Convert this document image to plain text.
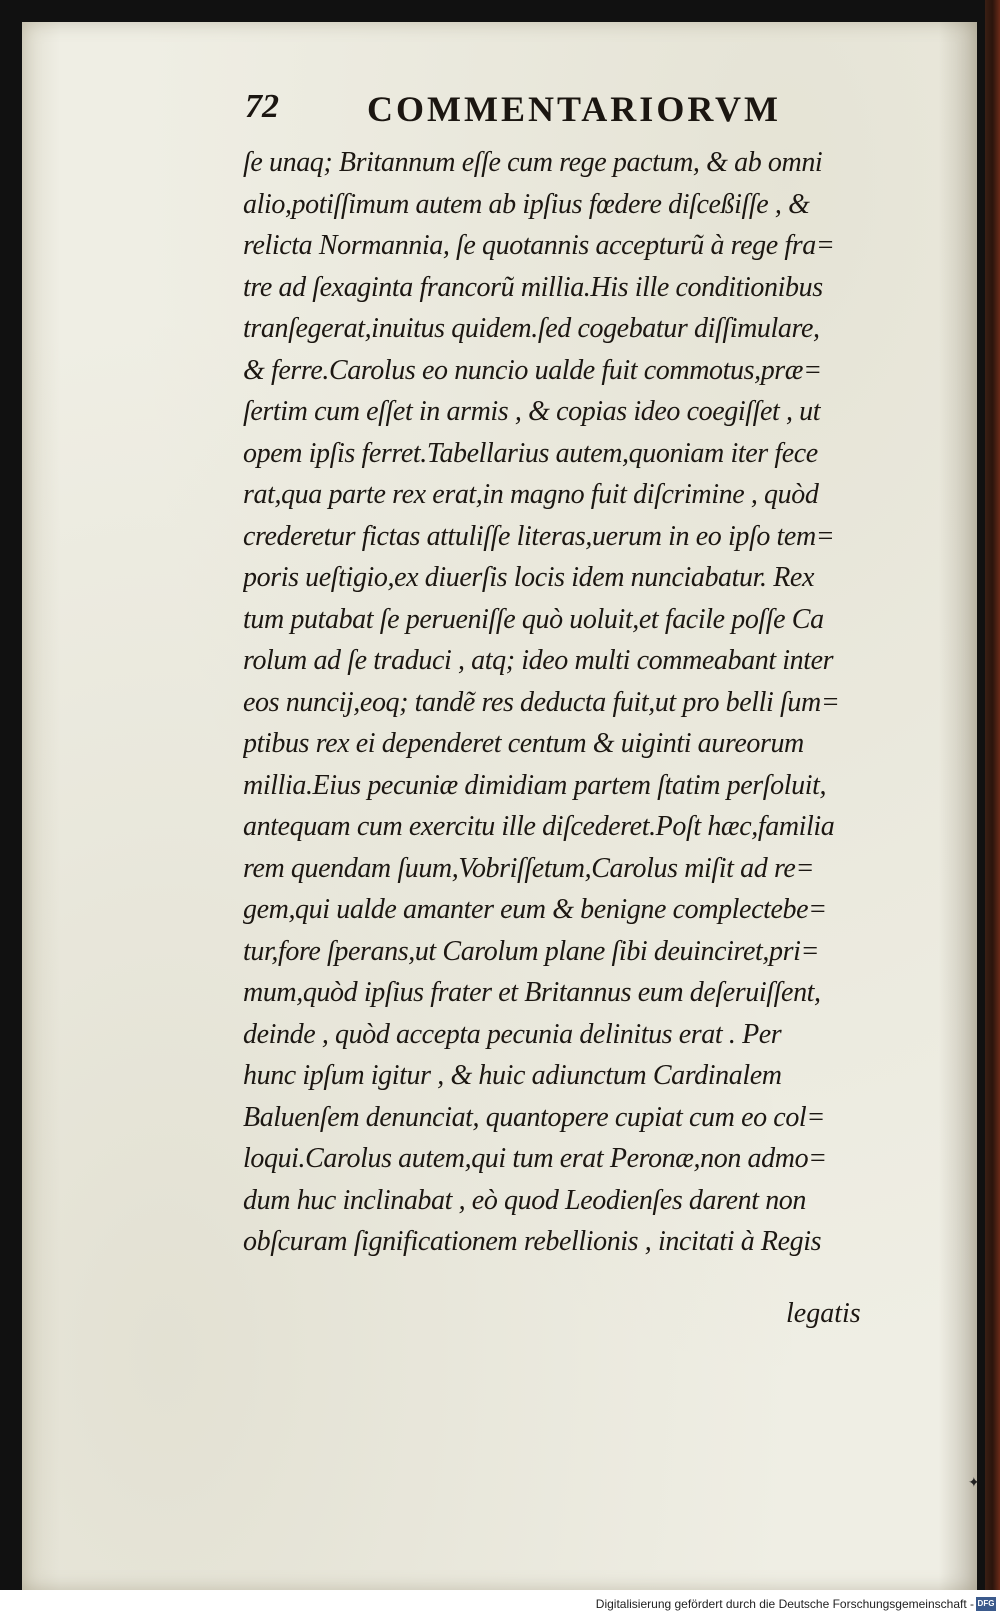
72 COMMENTARIORVM
ſe unaq; Britannum eſſe cum rege pactum, & ab omni
alio,potiſſimum autem ab ipſius fœdere diſceßiſſe , &
relicta Normannia, ſe quotannis accepturũ à rege fra=
tre ad ſexaginta francorũ millia.His ille conditionibus
tranſegerat,inuitus quidem.ſed cogebatur diſſimulare,
& ferre.Carolus eo nuncio ualde fuit commotus,præ=
ſertim cum eſſet in armis , & copias ideo coegiſſet , ut
opem ipſis ferret.Tabellarius autem,quoniam iter fece
rat,qua parte rex erat,in magno fuit diſcrimine , quòd
crederetur fictas attuliſſe literas,uerum in eo ipſo tem=
poris ueſtigio,ex diuerſis locis idem nunciabatur. Rex
tum putabat ſe perueniſſe quò uoluit,et facile poſſe Ca
rolum ad ſe traduci , atq; ideo multi commeabant inter
eos nuncij,eoq; tandẽ res deducta fuit,ut pro belli ſum=
ptibus rex ei dependeret centum & uiginti aureorum
millia.Eius pecuniæ dimidiam partem ſtatim perſoluit,
antequam cum exercitu ille diſcederet.Poſt hæc,familia
rem quendam ſuum,Vobriſſetum,Carolus miſit ad re=
gem,qui ualde amanter eum & benigne complectebe=
tur,fore ſperans,ut Carolum plane ſibi deuinciret,pri=
mum,quòd ipſius frater et Britannus eum deſeruiſſent,
deinde , quòd accepta pecunia delinitus erat . Per
hunc ipſum igitur , & huic adiunctum Cardinalem
Baluenſem denunciat, quantopere cupiat cum eo col=
loqui.Carolus autem,qui tum erat Peronæ,non admo=
dum huc inclinabat , eò quod Leodienſes darent non
obſcuram ſignificationem rebellionis , incitati à Regis
legatis
✦
Digitalisierung gefördert durch die Deutsche Forschungsgemeinschaft - DFG
